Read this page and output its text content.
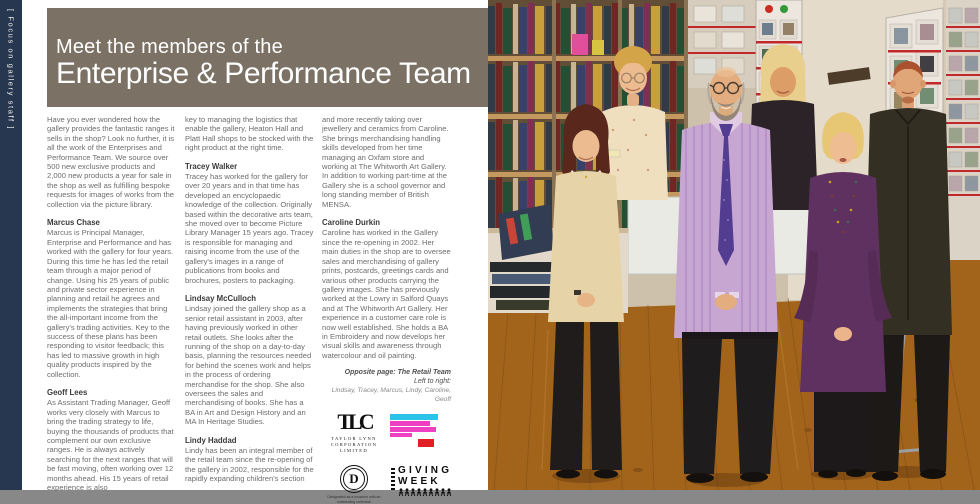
[ Focus on gallery staff ] Meet the members of the
Enterprise & Performance Team

Have you ever wondered how the gallery provides the fantastic ranges it sells in the shop? Look no further, it is all the work of the Enterprises and Performance Team. We source over 500 new exclusive products and 2,000 new products a year for sale in the shop as well as fulfilling bespoke requests for images of works from the collection via the picture library.

Marcus Chase

Marcus is Principal Manager, Enterprise and Performance and has worked with the gallery for four years. During this time he has led the retail team through a major period of change. Using his 25 years of public and private sector experience in planning and retail he agrees and implements the strategies that bring the all-important income from the gallery's trading activities. Key to the success of these plans has been responding to visitor feedback; this has led to massive growth in high quality products inspired by the collection.

Geoff Lees

As Assistant Trading Manager, Geoff works very closely with Marcus to bring the trading strategy to life, buying the thousands of products that complement our own exclusive ranges. He is always actively searching for the next ranges that will be fast moving, often working over 12 months ahead. His 15 years of retail experience is also

key to managing the logistics that enable the gallery, Heaton Hall and Platt Hall shops to be stocked with the right product at the right time.

Tracey Walker

Tracey has worked for the gallery for over 20 years and in that time has developed an encyclopaedic knowledge of the collection. Originally based within the decorative arts team, she moved over to become Picture Library Manager 15 years ago. Tracey is responsible for managing and raising income from the use of the gallery's images in a range of publications from books and brochures, posters to packaging.

Lindsay McCulloch

Lindsay joined the gallery shop as a senior retail assistant in 2003, after having previously worked in other retail outlets. She looks after the running of the shop on a day-to-day basis, planning the resources needed for behind the scenes work and helps in the process of ordering merchandise for the shop. She also oversees the sales and merchandising of books. She has a BA in Art and Design History and an MA In Heritage Studies.

Lindy Haddad

Lindy has been an integral member of the retail team since the re-opening of the gallery in 2002, responsible for the rapidly expanding children's section

and more recently taking over jewellery and ceramics from Caroline. She brings merchandising handling skills developed from her time managing an Oxfam store and working at The Whitworth Art Gallery. In addition to working part-time at the Gallery she is a school governor and long standing member of British MENSA.

Caroline Durkin

Caroline has worked in the Gallery since the re-opening in 2002. Her main duties in the shop are to oversee sales and merchandising of gallery prints, postcards, greetings cards and various other products carrying the gallery images. She has previously worked at the Lowry in Salford Quays and at The Whitworth Art Gallery. Her experience in a customer care role is now well established. She holds a BA in Embroidery and now develops her visual skills and awareness through watercolour and oil painting.

Opposite page: The Retail Team
Left to right:
Lindsay, Tracey, Marcus, Lindy, Caroline, Geoff
TLC
TAYLOR LYNN
CORPORATION
LIMITED
D
Designated as a museum with an outstanding collection
GIVING
WEEK
